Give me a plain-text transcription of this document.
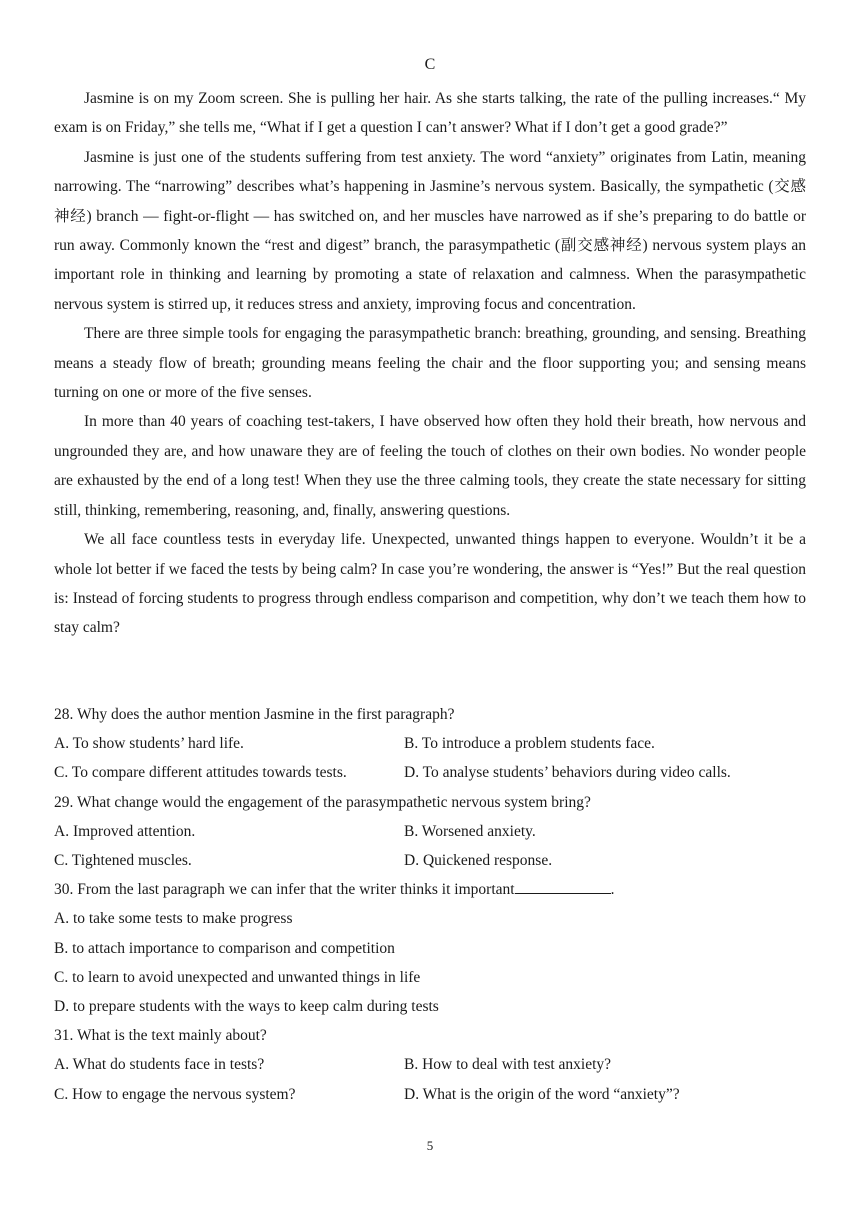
C

Jasmine is on my Zoom screen. She is pulling her hair. As she starts talking, the rate of the pulling increases.“ My exam is on Friday,” she tells me, “What if I get a question I can’t answer? What if I don’t get a good grade?”

Jasmine is just one of the students suffering from test anxiety. The word “anxiety” originates from Latin, meaning narrowing. The “narrowing” describes what’s happening in Jasmine’s nervous system. Basically, the sympathetic (交感神经) branch — fight-or-flight — has switched on, and her muscles have narrowed as if she’s preparing to do battle or run away. Commonly known the “rest and digest” branch, the parasympathetic (副交感神经) nervous system plays an important role in thinking and learning by promoting a state of relaxation and calmness. When the parasympathetic nervous system is stirred up, it reduces stress and anxiety, improving focus and concentration.

There are three simple tools for engaging the parasympathetic branch: breathing, grounding, and sensing. Breathing means a steady flow of breath; grounding means feeling the chair and the floor supporting you; and sensing means turning on one or more of the five senses.

In more than 40 years of coaching test-takers, I have observed how often they hold their breath, how nervous and ungrounded they are, and how unaware they are of feeling the touch of clothes on their own bodies. No wonder people are exhausted by the end of a long test! When they use the three calming tools, they create the state necessary for sitting still, thinking, remembering, reasoning, and, finally, answering questions.

We all face countless tests in everyday life. Unexpected, unwanted things happen to everyone. Wouldn’t it be a whole lot better if we faced the tests by being calm? In case you’re wondering, the answer is “Yes!” But the real question is: Instead of forcing students to progress through endless comparison and competition, why don’t we teach them how to stay calm?

28. Why does the author mention Jasmine in the first paragraph?
A. To show students’ hard life.	B. To introduce a problem students face.
C. To compare different attitudes towards tests.	D. To analyse students’ behaviors during video calls.
29. What change would the engagement of the parasympathetic nervous system bring?
A. Improved attention.	B. Worsened anxiety.
C. Tightened muscles.	D. Quickened response.
30. From the last paragraph we can infer that the writer thinks it important	.
A. to take some tests to make progress
B. to attach importance to comparison and competition
C. to learn to avoid unexpected and unwanted things in life
D. to prepare students with the ways to keep calm during tests
31. What is the text mainly about?
A. What do students face in tests?	B. How to deal with test anxiety?
C. How to engage the nervous system?	D. What is the origin of the word “anxiety”?
5
